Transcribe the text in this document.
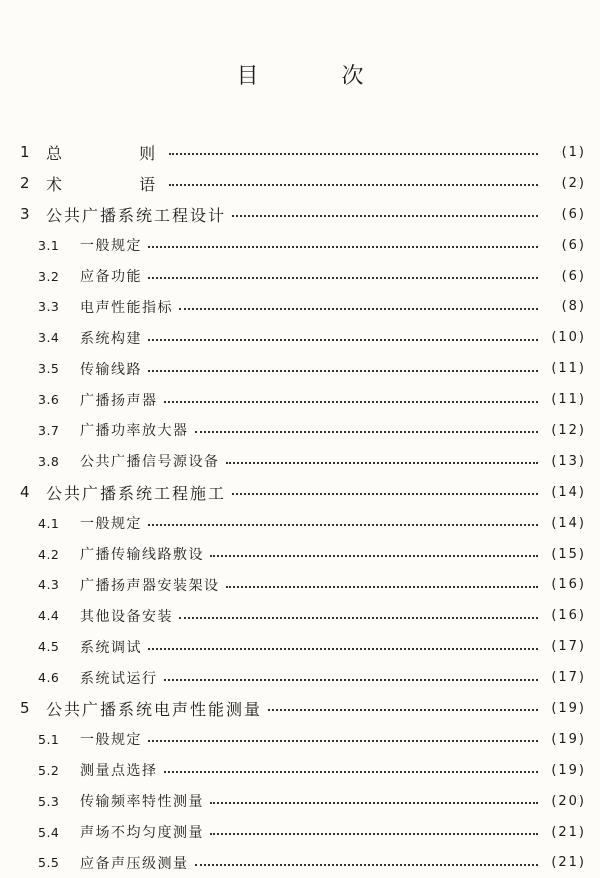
目 次
1	总 则	(1)
2	术 语	(2)
3	公共广播系统工程设计	(6)
3.1	一般规定	(6)
3.2	应备功能	(6)
3.3	电声性能指标	(8)
3.4	系统构建	(10)
3.5	传输线路	(11)
3.6	广播扬声器	(11)
3.7	广播功率放大器	(12)
3.8	公共广播信号源设备	(13)
4	公共广播系统工程施工	(14)
4.1	一般规定	(14)
4.2	广播传输线路敷设	(15)
4.3	广播扬声器安装架设	(16)
4.4	其他设备安装	(16)
4.5	系统调试	(17)
4.6	系统试运行	(17)
5	公共广播系统电声性能测量	(19)
5.1	一般规定	(19)
5.2	测量点选择	(19)
5.3	传输频率特性测量	(20)
5.4	声场不均匀度测量	(21)
5.5	应备声压级测量	(21)
